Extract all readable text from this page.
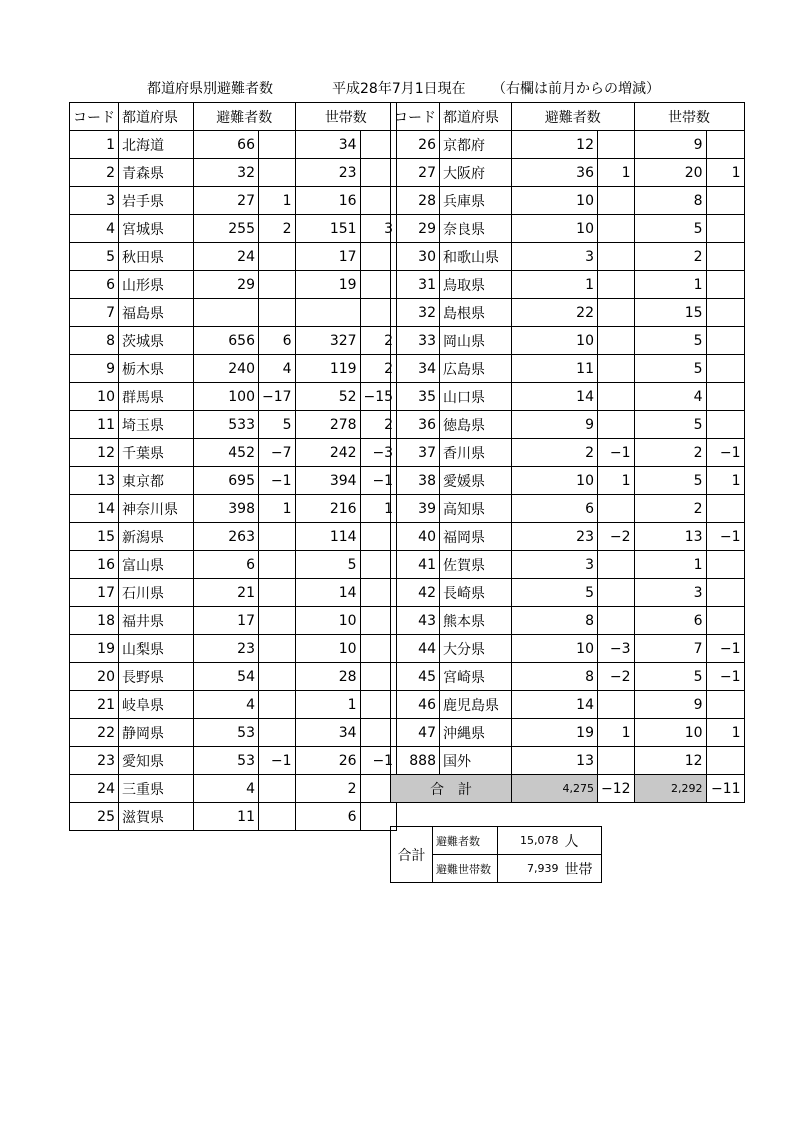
都道府県別避難者数	平成28年7月1日現在 （右欄は前月からの増減）
コード	都道府県	避難者数		世帯数	
1	北海道	66		34	
2	青森県	32		23	
3	岩手県	27	1	16	
4	宮城県	255	2	151	3
5	秋田県	24		17	
6	山形県	29		19	
7	福島県				
8	茨城県	656	6	327	2
9	栃木県	240	4	119	2
10	群馬県	100	−17	52	−15
11	埼玉県	533	5	278	2
12	千葉県	452	−7	242	−3
13	東京都	695	−1	394	−1
14	神奈川県	398	1	216	1
15	新潟県	263		114	
16	富山県	6		5	
17	石川県	21		14	
18	福井県	17		10	
19	山梨県	23		10	
20	長野県	54		28	
21	岐阜県	4		1	
22	静岡県	53		34	
23	愛知県	53	−1	26	−1
24	三重県	4		2	
25	滋賀県	11		6	
コード	都道府県	避難者数		世帯数	
26	京都府	12		9	
27	大阪府	36	1	20	1
28	兵庫県	10		8	
29	奈良県	10		5	
30	和歌山県	3		2	
31	鳥取県	1		1	
32	島根県	22		15	
33	岡山県	10		5	
34	広島県	11		5	
35	山口県	14		4	
36	徳島県	9		5	
37	香川県	2	−1	2	−1
38	愛媛県	10	1	5	1
39	高知県	6		2	
40	福岡県	23	−2	13	−1
41	佐賀県	3		1	
42	長崎県	5		3	
43	熊本県	8		6	
44	大分県	10	−3	7	−1
45	宮崎県	8	−2	5	−1
46	鹿児島県	14		9	
47	沖縄県	19	1	10	1
888	国外	13		12	
合　計		4,275	−12	2,292	−11
合計	避難者数	15,078	人
	避難世帯数	7,939	世帯
